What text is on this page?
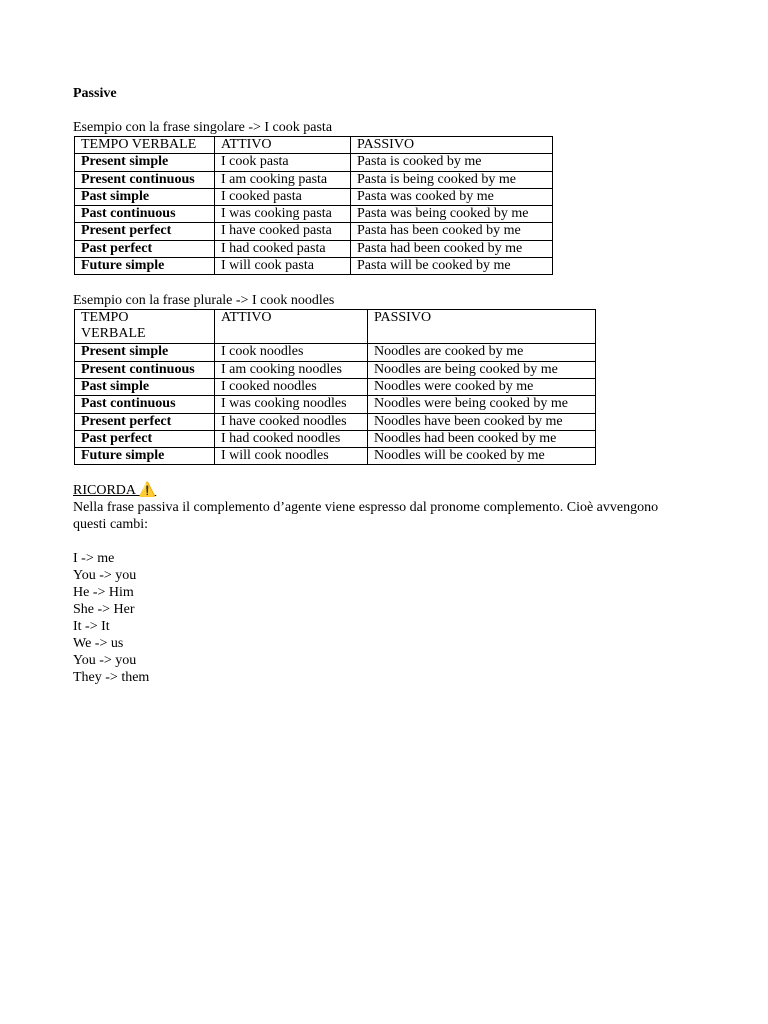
Passive

Esempio con la frase singolare -> I cook pasta

TEMPO VERBALE	ATTIVO	PASSIVO
Present simple	I cook pasta	Pasta is cooked by me
Present continuous	I am cooking pasta	Pasta is being cooked by me
Past simple	I cooked pasta	Pasta was cooked by me
Past continuous	I was cooking pasta	Pasta was being cooked by me
Present perfect	I have cooked pasta	Pasta has been cooked by me
Past perfect	I had cooked pasta	Pasta had been cooked by me
Future simple	I will cook pasta	Pasta will be cooked by me

Esempio con la frase plurale -> I cook noodles

TEMPO VERBALE	ATTIVO	PASSIVO
Present simple	I cook noodles	Noodles are cooked by me
Present continuous	I am cooking noodles	Noodles are being cooked by me
Past simple	I cooked noodles	Noodles were cooked by me
Past continuous	I was cooking noodles	Noodles were being cooked by me
Present perfect	I have cooked noodles	Noodles have been cooked by me
Past perfect	I had cooked noodles	Noodles had been cooked by me
Future simple	I will cook noodles	Noodles will be cooked by me

RICORDA ⚠️

Nella frase passiva il complemento d’agente viene espresso dal pronome complemento. Cioè avvengono questi cambi:

I -> me

You -> you

He -> Him

She -> Her

It -> It

We -> us

You -> you

They -> them
